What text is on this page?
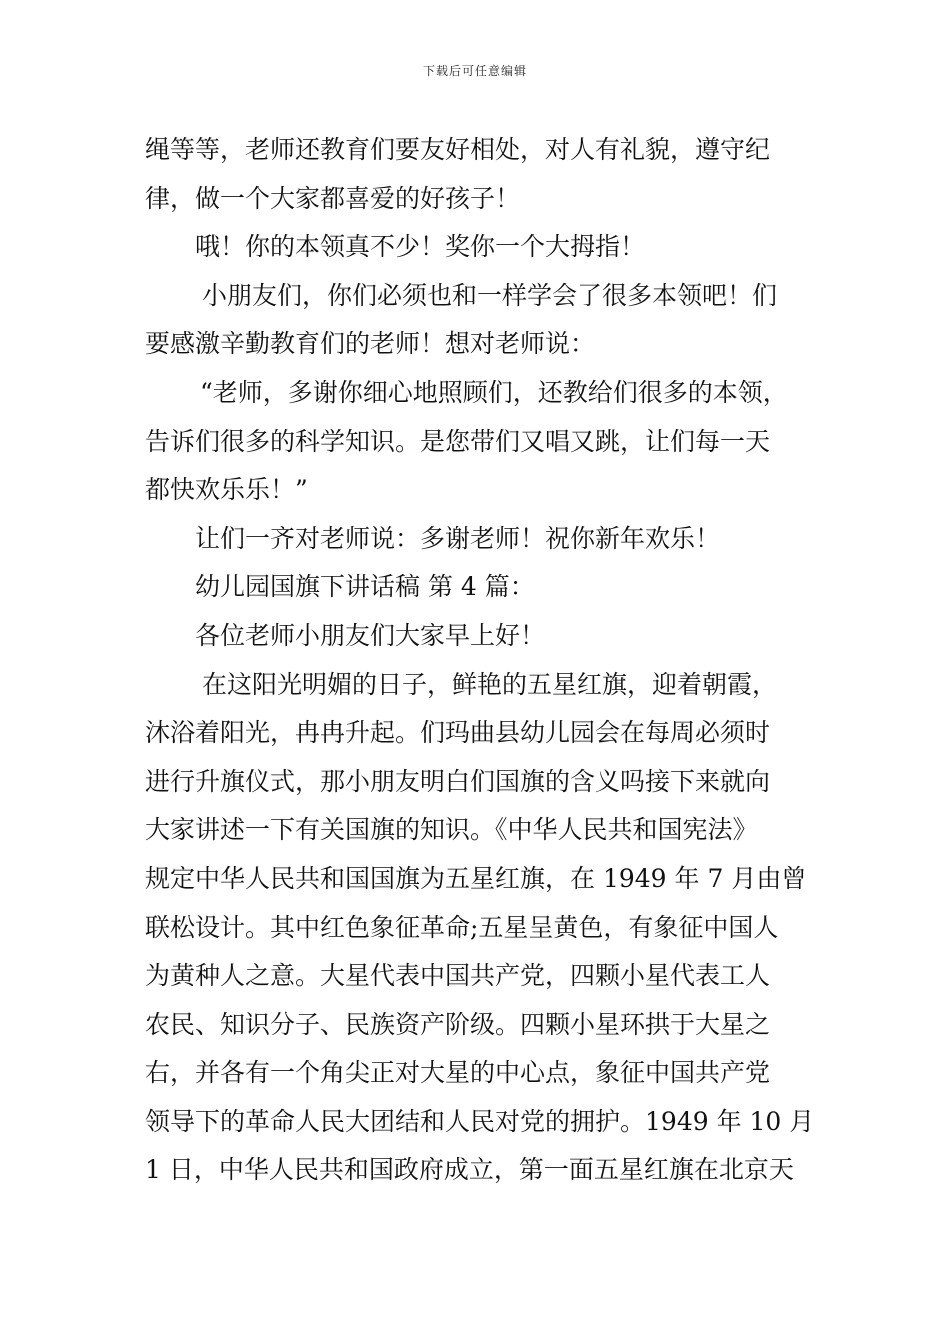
下载后可任意编辑
绳等等，老师还教育们要友好相处，对人有礼貌，遵守纪
律，做一个大家都喜爱的好孩子！
哦！你的本领真不少！奖你一个大拇指！
小朋友们，你们必须也和一样学会了很多本领吧！们
要感激辛勤教育们的老师！想对老师说：
“老师，多谢你细心地照顾们，还教给们很多的本领，
告诉们很多的科学知识。是您带们又唱又跳，让们每一天
都快欢乐乐！”
让们一齐对老师说：多谢老师！祝你新年欢乐！
幼儿园国旗下讲话稿 第 4 篇：
各位老师小朋友们大家早上好！
在这阳光明媚的日子，鲜艳的五星红旗，迎着朝霞，
沐浴着阳光，冉冉升起。们玛曲县幼儿园会在每周必须时
进行升旗仪式，那小朋友明白们国旗的含义吗接下来就向
大家讲述一下有关国旗的知识。《中华人民共和国宪法》
规定中华人民共和国国旗为五星红旗，在 1949 年 7 月由曾
联松设计。其中红色象征革命;五星呈黄色，有象征中国人
为黄种人之意。大星代表中国共产党，四颗小星代表工人
农民、知识分子、民族资产阶级。四颗小星环拱于大星之
右，并各有一个角尖正对大星的中心点，象征中国共产党
领导下的革命人民大团结和人民对党的拥护。1949 年 10 月
1 日，中华人民共和国政府成立，第一面五星红旗在北京天
